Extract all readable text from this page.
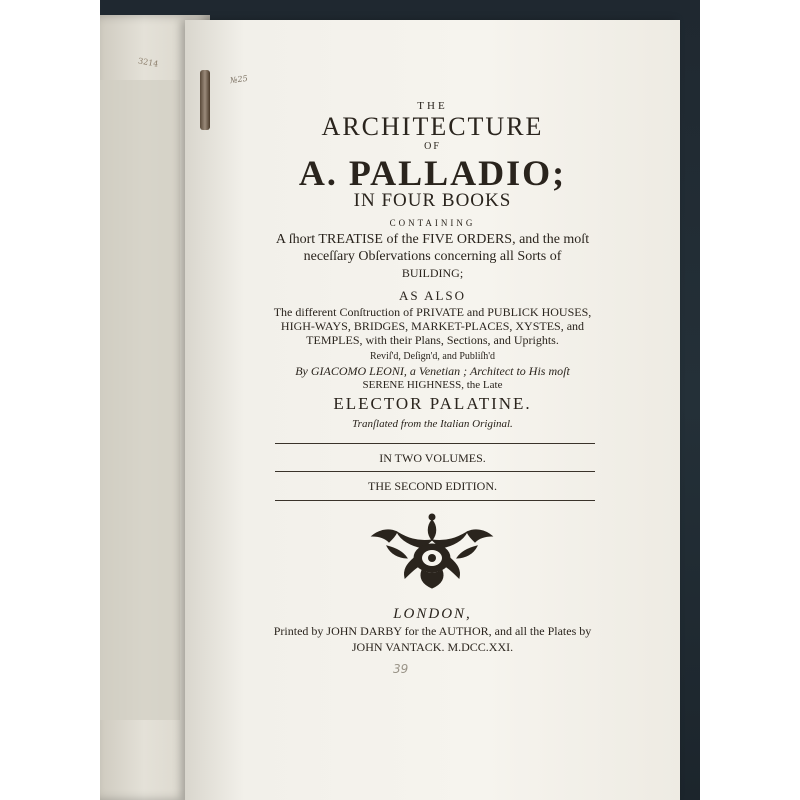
3214
№25
THE
ARCHITECTURE
OF
A. PALLADIO;
IN FOUR BOOKS
CONTAINING
A ſhort TREATISE of the FIVE ORDERS, and the moſt
neceſſary Obſervations concerning all Sorts of
BUILDING;
AS ALSO
The different Conſtruction of PRIVATE and PUBLICK HOUSES,
HIGH-WAYS, BRIDGES, MARKET-PLACES, XYSTES, and
TEMPLES, with their Plans, Sections, and Uprights.
Reviſ'd, Deſign'd, and Publiſh'd
By GIACOMO LEONI, a Venetian ; Architect to His moſt
SERENE HIGHNESS, the Late
ELECTOR PALATINE.
Tranſlated from the Italian Original.
IN TWO VOLUMES.
THE SECOND EDITION.
LONDON,
Printed by JOHN DARBY for the AUTHOR, and all the Plates by
JOHN VANTACK. M.DCC.XXI.
39
